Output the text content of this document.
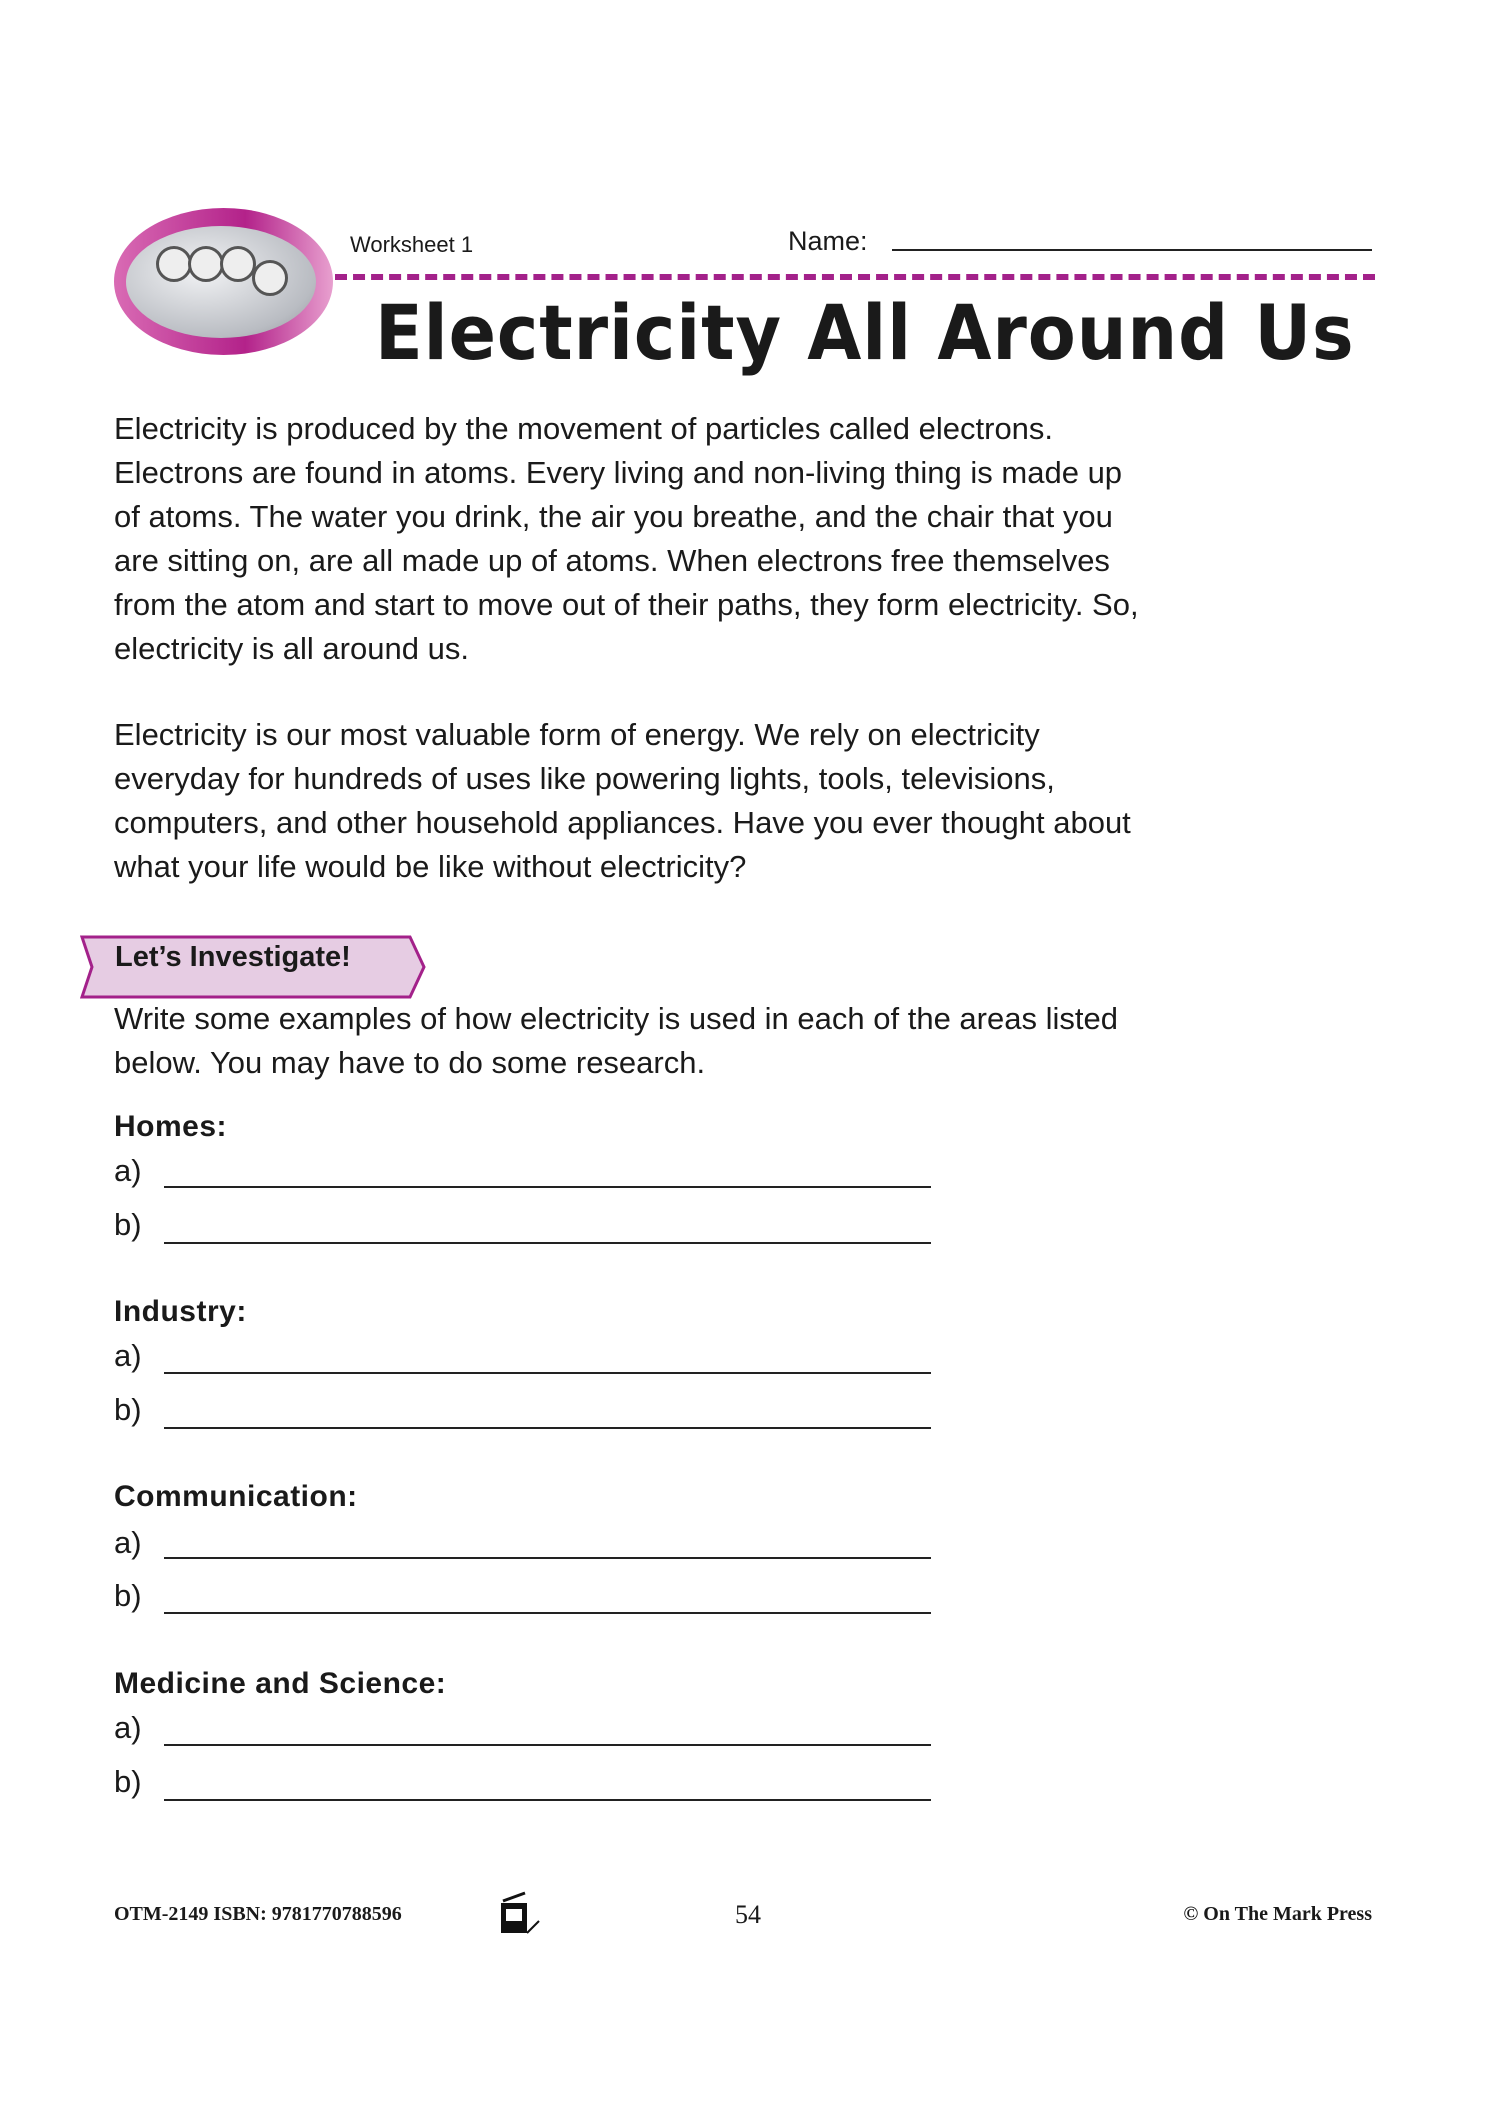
Worksheet 1	Name:
Electricity All Around Us
Electricity is produced by the movement of particles called electrons.
Electrons are found in atoms. Every living and non-living thing is made up
of atoms. The water you drink, the air you breathe, and the chair that you
are sitting on, are all made up of atoms. When electrons free themselves
from the atom and start to move out of their paths, they form electricity. So,
electricity is all around us.
Electricity is our most valuable form of energy. We rely on electricity
everyday for hundreds of uses like powering lights, tools, televisions,
computers, and other household appliances. Have you ever thought about
what your life would be like without electricity?
Let’s Investigate!
Write some examples of how electricity is used in each of the areas listed
below. You may have to do some research.
Homes:
a)
b)
Industry:
a)
b)
Communication:
a)
b)
Medicine and Science:
a)
b)
OTM-2149 ISBN: 9781770788596	54	© On The Mark Press
